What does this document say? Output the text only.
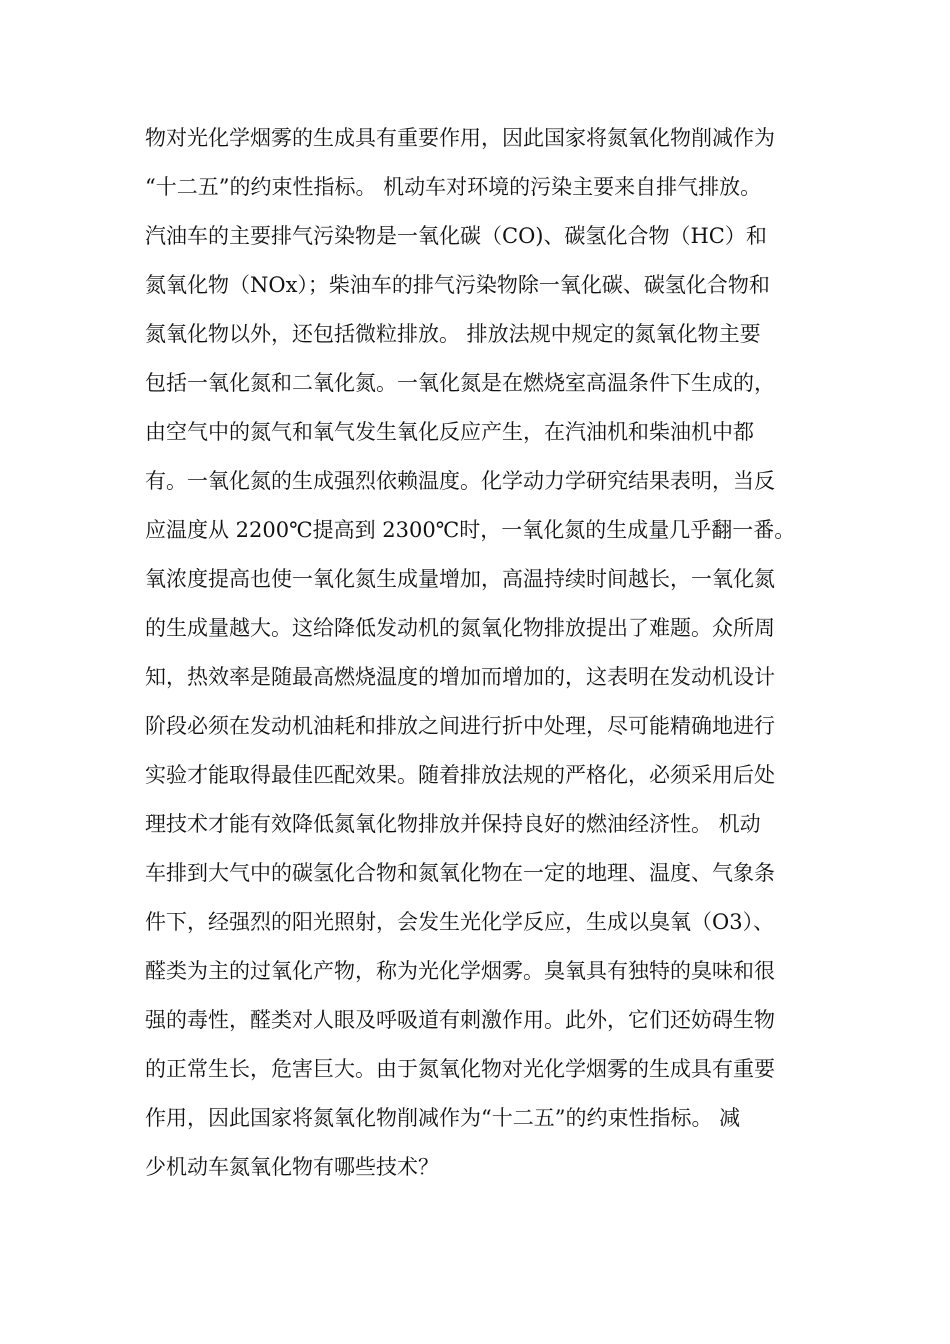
物对光化学烟雾的生成具有重要作用，因此国家将氮氧化物削减作为
“十二五”的约束性指标。 机动车对环境的污染主要来自排气排放。
汽油车的主要排气污染物是一氧化碳（CO)、碳氢化合物（HC）和
氮氧化物（NOx）；柴油车的排气污染物除一氧化碳、碳氢化合物和
氮氧化物以外，还包括微粒排放。 排放法规中规定的氮氧化物主要
包括一氧化氮和二氧化氮。一氧化氮是在燃烧室高温条件下生成的，
由空气中的氮气和氧气发生氧化反应产生，在汽油机和柴油机中都
有。一氧化氮的生成强烈依赖温度。化学动力学研究结果表明，当反
应温度从 2200℃提高到 2300℃时，一氧化氮的生成量几乎翻一番。
氧浓度提高也使一氧化氮生成量增加，高温持续时间越长，一氧化氮
的生成量越大。这给降低发动机的氮氧化物排放提出了难题。众所周
知，热效率是随最高燃烧温度的增加而增加的，这表明在发动机设计
阶段必须在发动机油耗和排放之间进行折中处理，尽可能精确地进行
实验才能取得最佳匹配效果。随着排放法规的严格化，必须采用后处
理技术才能有效降低氮氧化物排放并保持良好的燃油经济性。 机动
车排到大气中的碳氢化合物和氮氧化物在一定的地理、温度、气象条
件下，经强烈的阳光照射，会发生光化学反应，生成以臭氧（O3）、
醛类为主的过氧化产物，称为光化学烟雾。臭氧具有独特的臭味和很
强的毒性，醛类对人眼及呼吸道有刺激作用。此外，它们还妨碍生物
的正常生长，危害巨大。由于氮氧化物对光化学烟雾的生成具有重要
作用，因此国家将氮氧化物削减作为“十二五”的约束性指标。 减
少机动车氮氧化物有哪些技术？
